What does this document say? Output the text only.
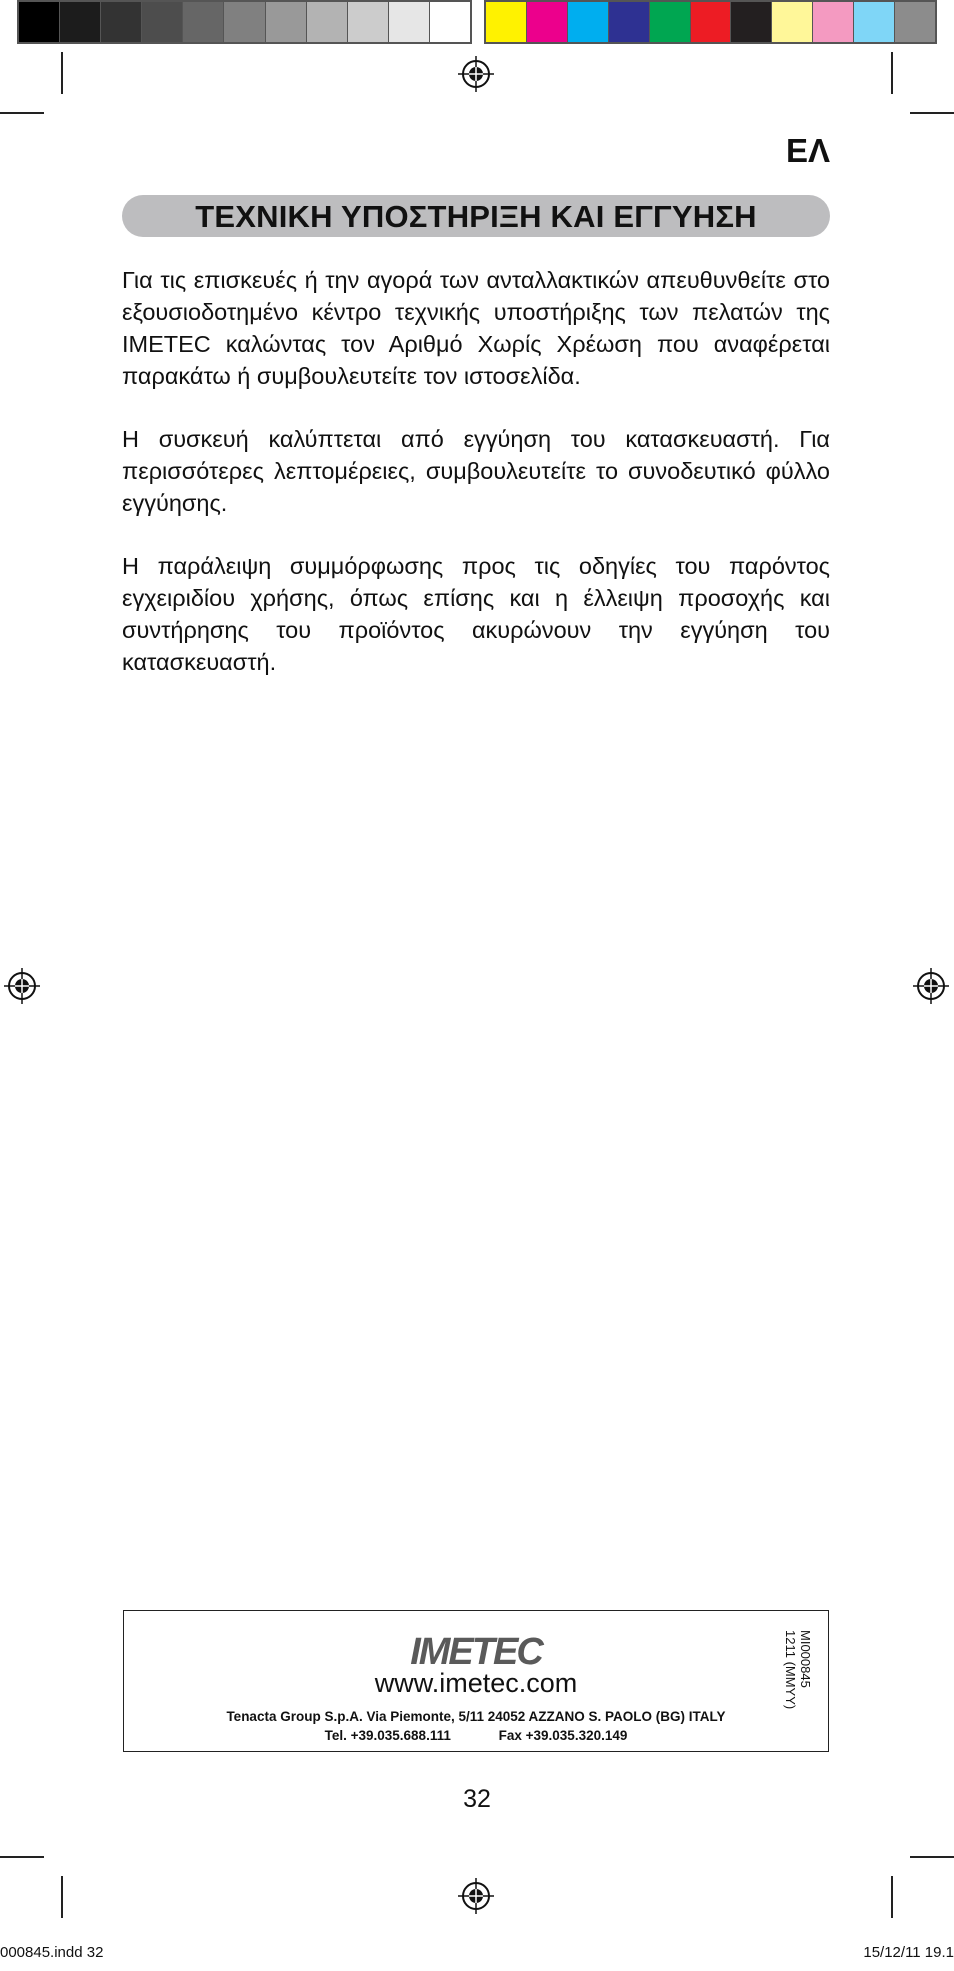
ΕΛ
ΤΕΧΝΙΚΗ ΥΠΟΣΤΗΡΙΞΗ ΚΑΙ ΕΓΓΥΗΣΗ

Για τις επισκευές ή την αγορά των ανταλλακτικών απευθυνθείτε στο εξουσιοδοτημένο κέντρο τεχνικής υποστήριξης των πελατών της IMETEC καλώντας τον Αριθμό Χωρίς Χρέωση που αναφέρεται παρακάτω ή συμβουλευτείτε τον ιστοσελίδα.

Η συσκευή καλύπτεται από εγγύηση του κατασκευαστή. Για περισσότερες λεπτομέρειες, συμβουλευτείτε το συνοδευτικό φύλλο εγγύησης.

Η παράλειψη συμμόρφωσης προς τις οδηγίες του παρόντος εγχειριδίου χρήσης, όπως επίσης και η έλλειψη προσοχής και συντήρησης του προϊόντος ακυρώνουν την εγγύηση του κατασκευαστή.

IMETEC
www.imetec.com
Tenacta Group S.p.A. Via Piemonte, 5/11 24052 AZZANO S. PAOLO (BG) ITALY
Tel. +39.035.688.111	Fax +39.035.320.149
MI000845
1211 (MMYY)
32
000845.indd 32	15/12/11 19.1
